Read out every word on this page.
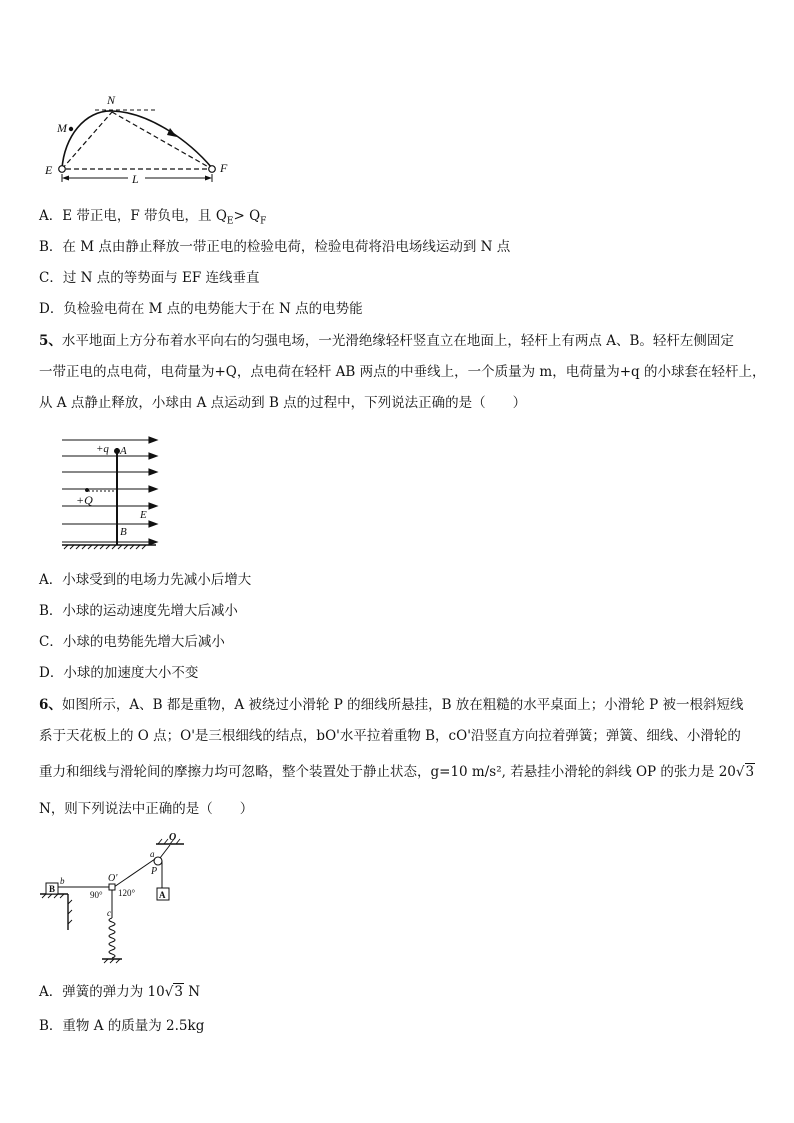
N
M
E	F
L
A．E 带正电，F 带负电，且 $Q_E> Q_F$
B．在 M 点由静止释放一带正电的检验电荷，检验电荷将沿电场线运动到 N 点
C．过 N 点的等势面与 EF 连线垂直
D．负检验电荷在 M 点的电势能大于在 N 点的电势能
5、水平地面上方分布着水平向右的匀强电场，一光滑绝缘轻杆竖直立在地面上，轻杆上有两点 A、B。轻杆左侧固定
一带正电的点电荷，电荷量为+Q，点电荷在轻杆 AB 两点的中垂线上，一个质量为 m，电荷量为+q 的小球套在轻杆上，
从 A 点静止释放，小球由 A 点运动到 B 点的过程中，下列说法正确的是（　　）
+q A
+Q
E
B
A．小球受到的电场力先减小后增大
B．小球的运动速度先增大后减小
C．小球的电势能先增大后减小
D．小球的加速度大小不变
6、如图所示，A、B 都是重物，A 被绕过小滑轮 P 的细线所悬挂，B 放在粗糙的水平桌面上；小滑轮 P 被一根斜短线
系于天花板上的 O 点；O'是三根细线的结点，bO'水平拉着重物 B，cO'沿竖直方向拉着弹簧；弹簧、细线、小滑轮的
重力和细线与滑轮间的摩擦力均可忽略，整个装置处于静止状态，g=10 m/s², 若悬挂小滑轮的斜线 OP 的张力是 20√3
N，则下列说法中正确的是（　　）
O
a
P
B
b	O'
90° 120°
c
A
A．弹簧的弹力为 10√3 N
B．重物 A 的质量为 2.5kg
